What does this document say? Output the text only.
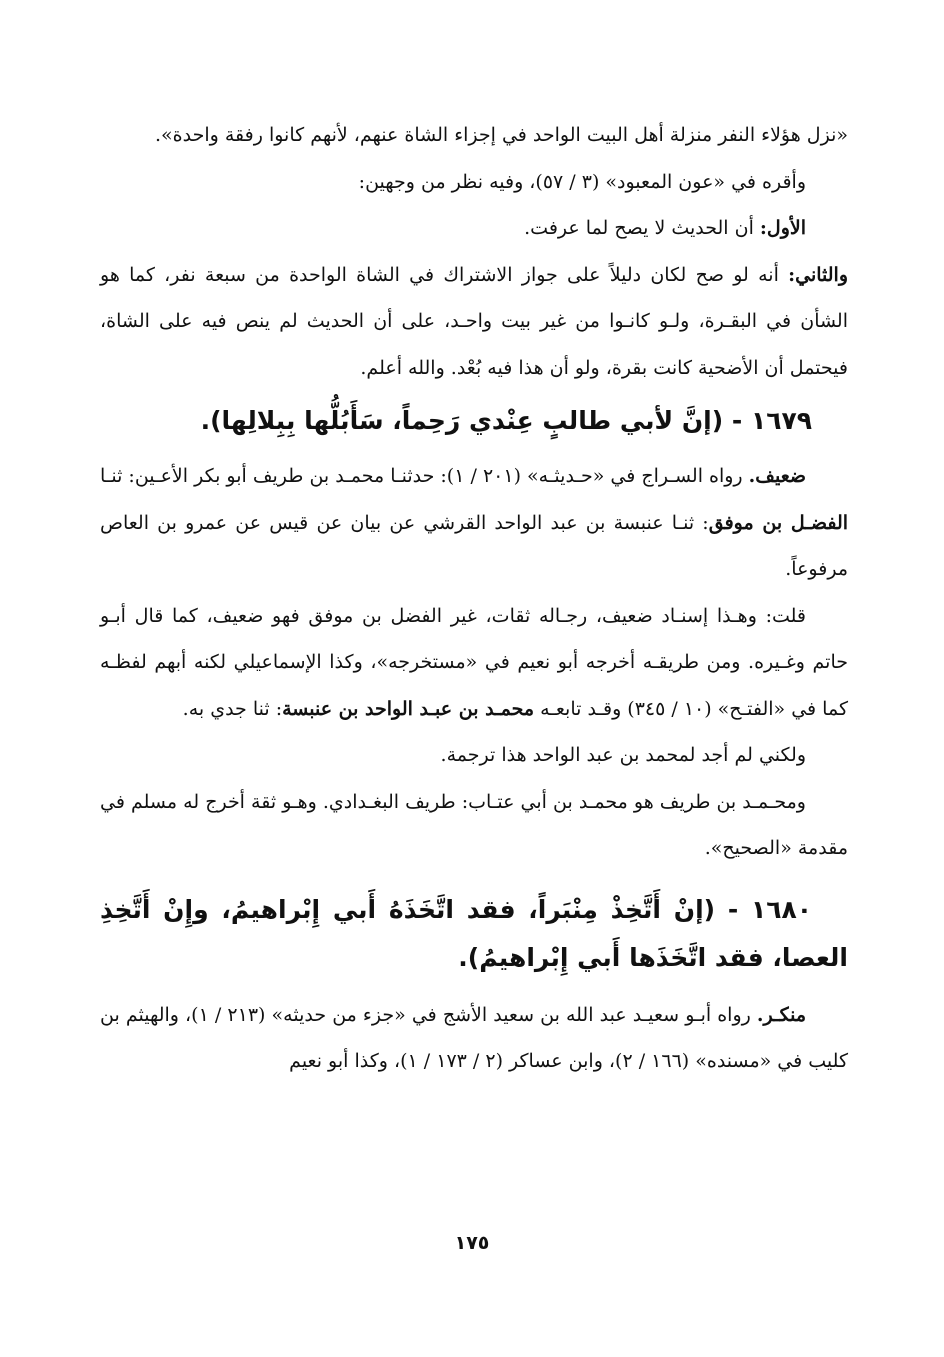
«نزل هؤلاء النفر منزلة أهل البيت الواحد في إجزاء الشاة عنهم، لأنهم كانوا رفقة واحدة».

وأقره في «عون المعبود» (٣ / ٥٧)، وفيه نظر من وجهين:

الأول: أن الحديث لا يصح لما عرفت.

والثاني: أنه لو صح لكان دليلاً على جواز الاشتراك في الشاة الواحدة من سبعة نفر، كما هو الشأن في البقـرة، ولـو كانـوا من غير بيت واحـد، على أن الحديث لم ينص فيه على الشاة، فيحتمل أن الأضحية كانت بقرة، ولو أن هذا فيه بُعْد. والله أعلم.

١٦٧٩ - (إنَّ لأبي طالبٍ عِنْدي رَحِماً، سَأَبُلُّها بِبِلالِها).

ضعيف. رواه السـراج في «حـديثـه» (٢٠١ / ١): حدثنـا محمـد بن طريف أبو بكر الأعـين: ثنـا الفضـل بن موفق: ثنـا عنبسة بن عبد الواحد القرشي عن بيان عن قيس عن عمرو بن العاص مرفوعاً.

قلت: وهـذا إسنـاد ضعيف، رجـاله ثقات، غير الفضل بن موفق فهو ضعيف، كما قال أبـو حاتم وغـيره. ومن طريقـه أخرجه أبو نعيم في «مستخرجه»، وكذا الإسماعيلي لكنه أبهم لفظـه كما في «الفتـح» (١٠ / ٣٤٥) وقـد تابعـه محمـد بن عبـد الواحد بن عنبسة: ثنا جدي به.

ولكني لم أجد لمحمد بن عبد الواحد هذا ترجمة.

ومحـمـد بن طريف هو محمـد بن أبي عتـاب: طريف البغـدادي. وهـو ثقة أخرج له مسلم في مقدمة «الصحيح».

١٦٨٠ - (إنْ أَتَّخِذْ مِنْبَراً، فقد اتَّخَذَهُ أَبي إِبْراهيمُ، وإِنْ أَتَّخِذِ العصا، فقد اتَّخَذَها أَبي إِبْراهيمُ).

منكـر. رواه أبـو سعيـد عبد الله بن سعيد الأشج في «جزء من حديثه» (٢١٣ / ١)، والهيثم بن كليب في «مسنده» (١٦٦ / ٢)، وابن عساكر (٢ / ١٧٣ / ١)، وكذا أبو نعيم

١٧٥
